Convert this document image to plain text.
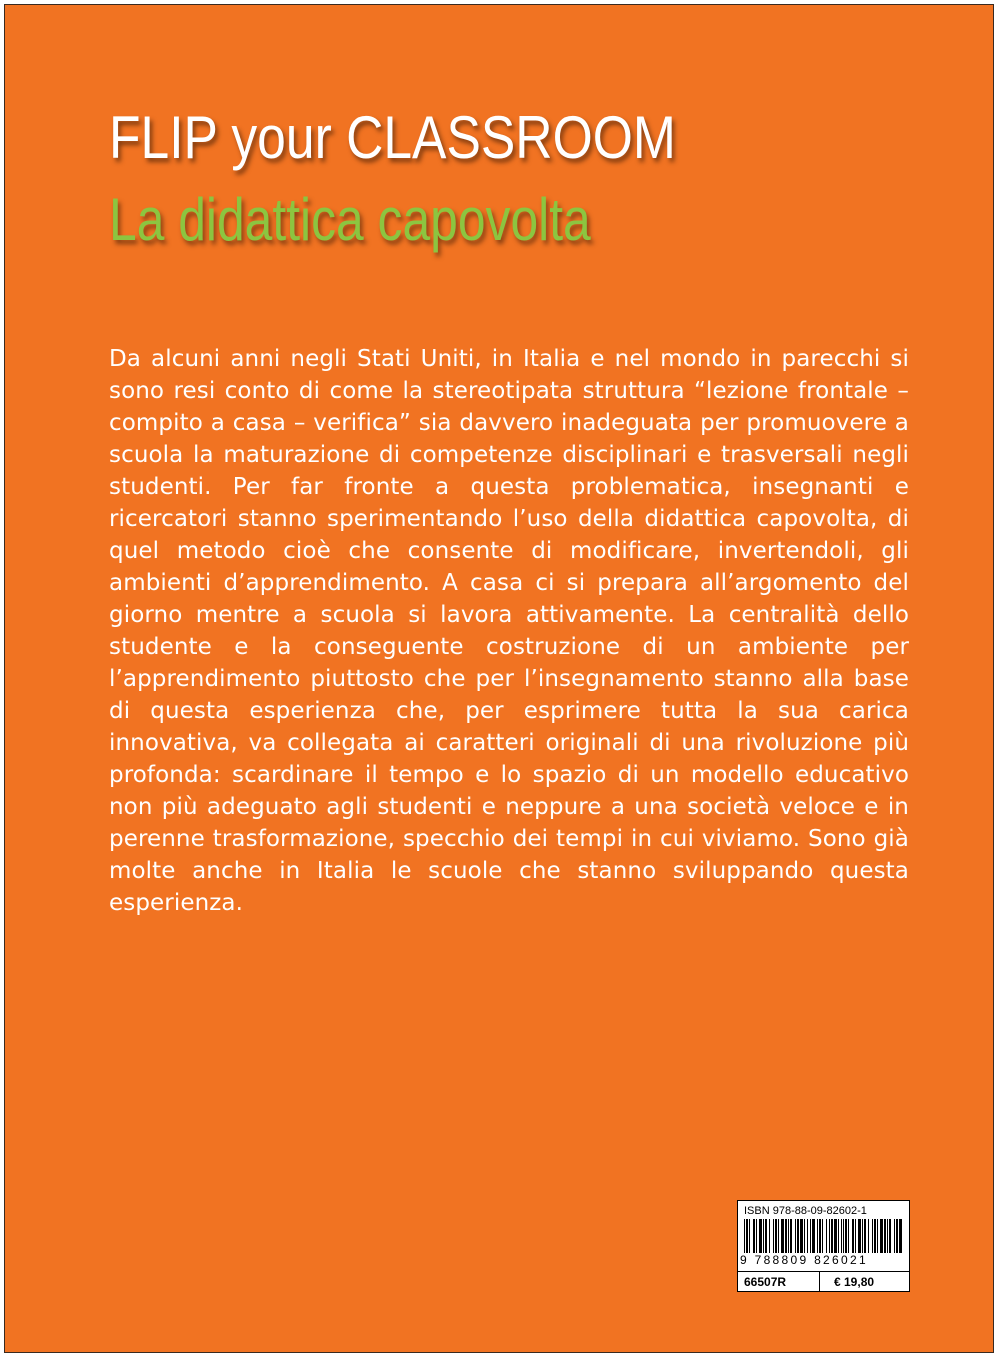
FLIP your CLASSROOM
La didattica capovolta

Da alcuni anni negli Stati Uniti, in Italia e nel mondo in parecchi si sono resi conto di come la stereotipata struttura “lezione frontale – compito a casa – verifica” sia davvero inadeguata per promuovere a scuola la maturazione di competenze disciplinari e trasversali negli studenti. Per far fronte a questa problematica, insegnanti e ricercatori stanno sperimentando l’uso della didattica capovolta, di quel metodo cioè che consente di modificare, invertendoli, gli ambienti d’apprendimento. A casa ci si prepara all’argomento del giorno mentre a scuola si lavora attivamente. La centralità dello studente e la conseguente costruzione di un ambiente per l’apprendimento piuttosto che per l’insegnamento stanno alla base di questa esperienza che, per esprimere tutta la sua carica innovativa, va collegata ai caratteri originali di una rivoluzione più profonda: scardinare il tempo e lo spazio di un modello educativo non più adeguato agli studenti e neppure a una società veloce e in perenne trasformazione, specchio dei tempi in cui viviamo. Sono già molte anche in Italia le scuole che stanno sviluppando questa esperienza.

ISBN 978-88-09-82602-1
9 788809 826021
66507R	€ 19,80
